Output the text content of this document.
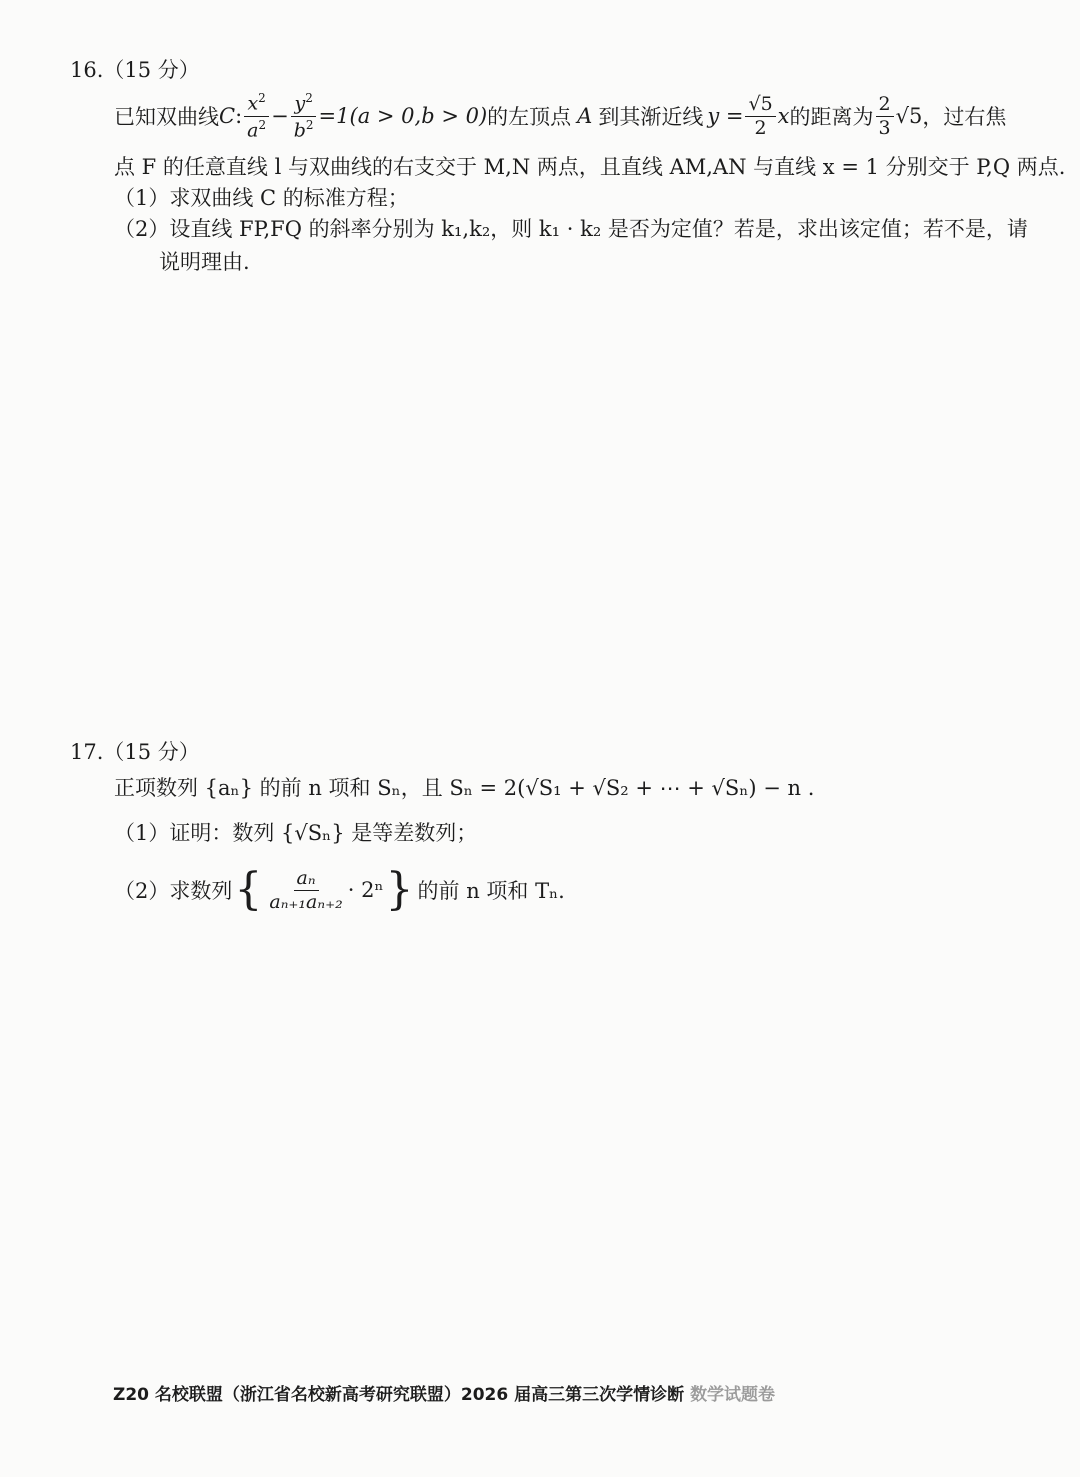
16.（15 分）
已知双曲线 C : $\frac{x^2}{a^2} - \frac{y^2}{b^2} =1(a > 0,b > 0)$ 的左顶点 A 到其渐近线 $y = \frac{√5}{2}$ x 的距离为 $\frac{2}{3} √5$ ，过右焦
点 F 的任意直线 l 与双曲线的右支交于 M,N 两点，且直线 AM,AN 与直线 x = 1 分别交于 P,Q 两点.
（1）求双曲线 C 的标准方程；
（2）设直线 FP,FQ 的斜率分别为 k₁,k₂，则 k₁ · k₂ 是否为定值？若是，求出该定值；若不是，请
说明理由.
17.（15 分）
正项数列 {aₙ} 的前 n 项和 Sₙ，且 Sₙ = 2(√S₁ + √S₂ + ⋯ + √Sₙ) − n .
（1）证明：数列 {√Sₙ} 是等差数列；
（2）求数列 { $\frac{\text{aₙ}}{\text{aₙ₊₁aₙ₊₂}} \cdot 2^n$ } 的前 n 项和 Tₙ.
Z20 名校联盟（浙江省名校新高考研究联盟）2026 届高三第三次学情诊断 数学试题卷
